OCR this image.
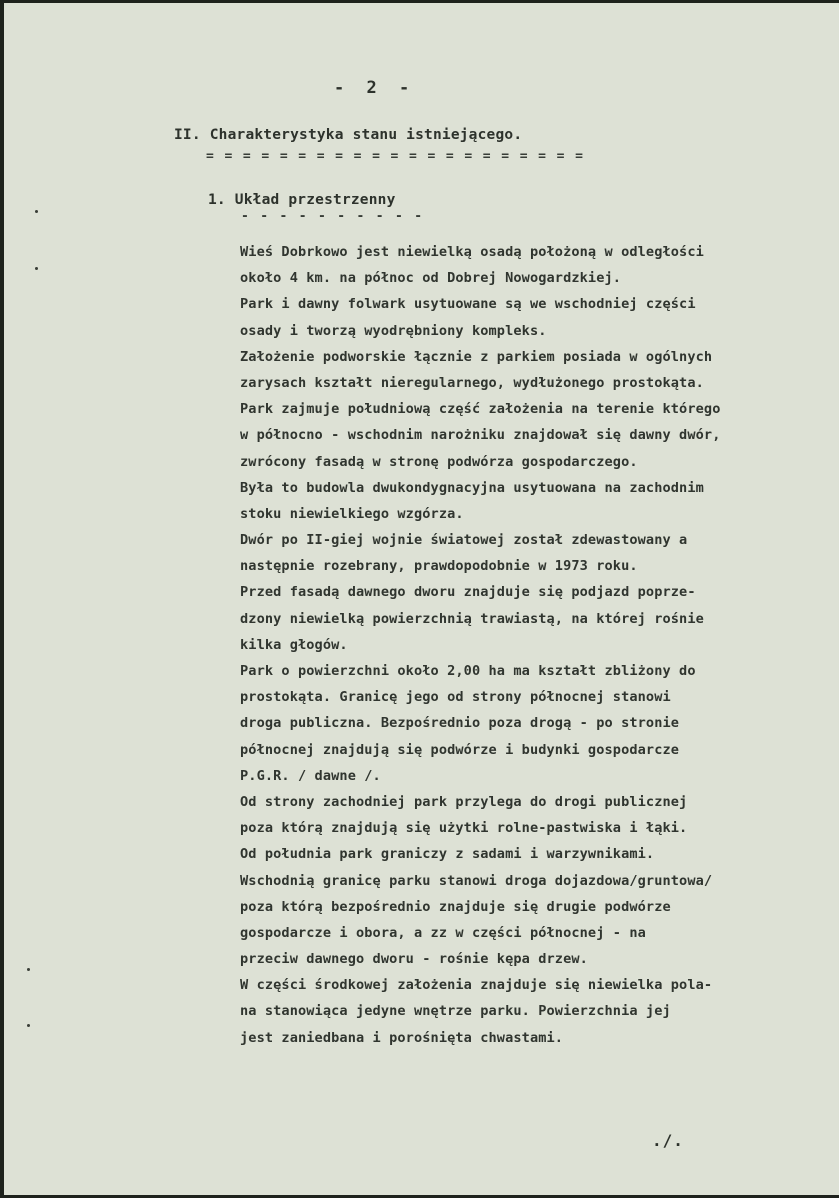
- 2 -
II. Charakterystyka stanu istniejącego.
= = = = = = = = = = = = = = = = = = = = =
1. Układ przestrzenny
- - - - - - - - - -
Wieś Dobrkowo jest niewielką osadą położoną w odległości
około 4 km. na północ od Dobrej Nowogardzkiej.
Park i dawny folwark usytuowane są we wschodniej części
osady i tworzą wyodrębniony kompleks.
Założenie podworskie łącznie z parkiem posiada w ogólnych
zarysach kształt nieregularnego, wydłużonego prostokąta.
Park zajmuje południową część założenia na terenie którego
w północno - wschodnim narożniku znajdował się dawny dwór,
zwrócony fasadą w stronę podwórza gospodarczego.
Była to budowla dwukondygnacyjna usytuowana na zachodnim
stoku niewielkiego wzgórza.
Dwór po II-giej wojnie światowej został zdewastowany a
następnie rozebrany, prawdopodobnie w 1973 roku.
Przed fasadą dawnego dworu znajduje się podjazd poprze-
dzony niewielką powierzchnią trawiastą, na której rośnie
kilka głogów.
Park o powierzchni około 2,00 ha ma kształt zbliżony do
prostokąta. Granicę jego od strony północnej stanowi
droga publiczna. Bezpośrednio poza drogą - po stronie
północnej znajdują się podwórze i budynki gospodarcze
P.G.R. / dawne /.
Od strony zachodniej park przylega do drogi publicznej
poza którą znajdują się użytki rolne-pastwiska i łąki.
Od południa park graniczy z sadami i warzywnikami.
Wschodnią granicę parku stanowi droga dojazdowa/gruntowa/
poza którą bezpośrednio znajduje się drugie podwórze
gospodarcze i obora, a zz w części północnej - na
przeciw dawnego dworu - rośnie kępa drzew.
W części środkowej założenia znajduje się niewielka pola-
na stanowiąca jedyne wnętrze parku. Powierzchnia jej
jest zaniedbana i porośnięta chwastami.
./.
